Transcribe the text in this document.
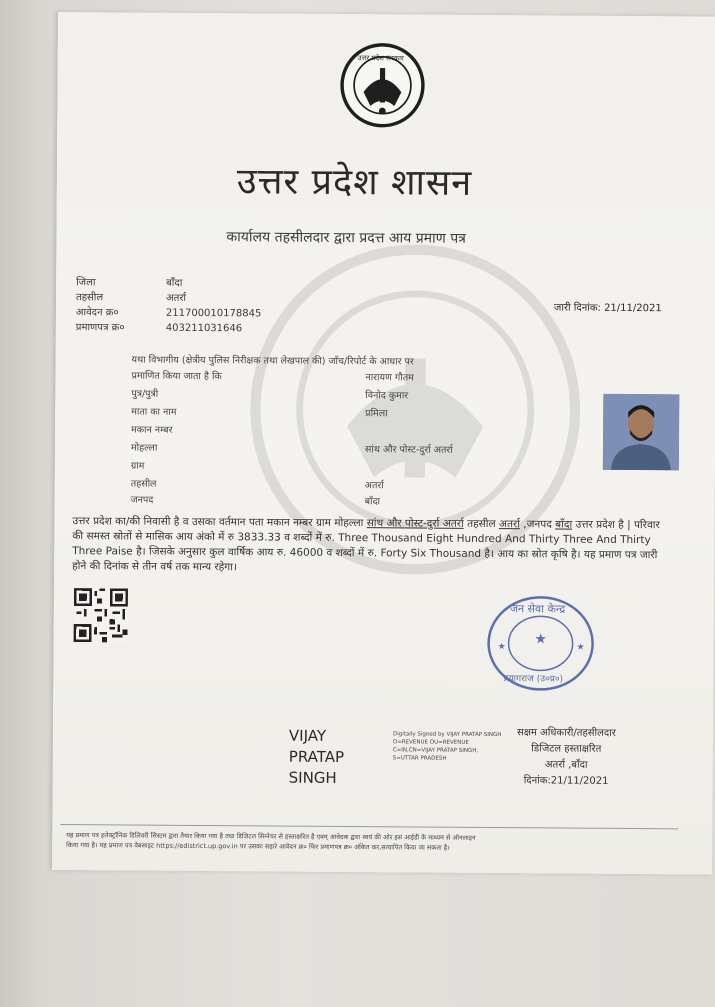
उत्तर प्रदेश सरकार
उत्तर प्रदेश शासन
कार्यालय तहसीलदार द्वारा प्रदत्त आय प्रमाण पत्र
जिला	बाँदा
तहसील	अतर्रा
आवेदन क्र०	211700010178845
प्रमाणपत्र क्र०	403211031646
जारी दिनांक: 21/11/2021
यथा विभागीय (क्षेत्रीय पुलिस निरीक्षक तथा लेखपाल की) जाँच/रिपोर्ट के आधार पर
प्रमाणित किया जाता है कि	नारायण गौतम
पुत्र/पुत्री	विनोद कुमार
माता का नाम	प्रमिला
मकान नम्बर
मोहल्ला	सांथ और पोस्ट-दुर्रा अतर्रा
ग्राम
तहसील	अतर्रा
जनपद	बाँदा
उत्तर प्रदेश का/की निवासी है व उसका वर्तमान पता मकान नम्बर ग्राम मोहल्ला सांथ और पोस्ट-दुर्रा अतर्रा तहसील अतर्रा ,जनपद बाँदा उत्तर प्रदेश है | परिवार की समस्त स्रोतों से मासिक आय अंको में रु 3833.33 व शब्दों में रु. Three Thousand Eight Hundred And Thirty Three And Thirty Three Paise है। जिसके अनुसार कुल वार्षिक आय रु. 46000 व शब्दों में रु. Forty Six Thousand है। आय का स्रोत कृषि है। यह प्रमाण पत्र जारी होने की दिनांक से तीन वर्ष तक मान्य रहेगा।
★
★	★
जन सेवा केन्द्र
प्रयागराज (उ०प्र०)
VIJAY
PRATAP
SINGH
Digitally Signed by VIJAY PRATAP SINGH O=REVENUE OU=REVENUE C=IN,CN=VIJAY PRATAP SINGH, S=UTTAR PRADESH
सक्षम अधिकारी/तहसीलदार
डिजिटल हस्ताक्षरित
अतर्रा ,बाँदा
दिनांक:21/11/2021
यह प्रमाण पत्र इलेक्ट्रॉनिक डिलिवरी सिस्टम द्वारा तैयार किया गया है तथा डिजिटल सिग्नेचर से हस्ताक्षरित है एवम् आवेदक द्वारा स्वयं की ओर इस आईडी के माध्यम से ऑनलाइन
किया गया है। यह प्रमाण पत्र वेबसाइट https://edistrict.up.gov.in पर उसका सहारे आवेदन क्र० फिर प्रमाणपत्र क्र० अंकित कर,सत्यापित किया जा सकता है।
